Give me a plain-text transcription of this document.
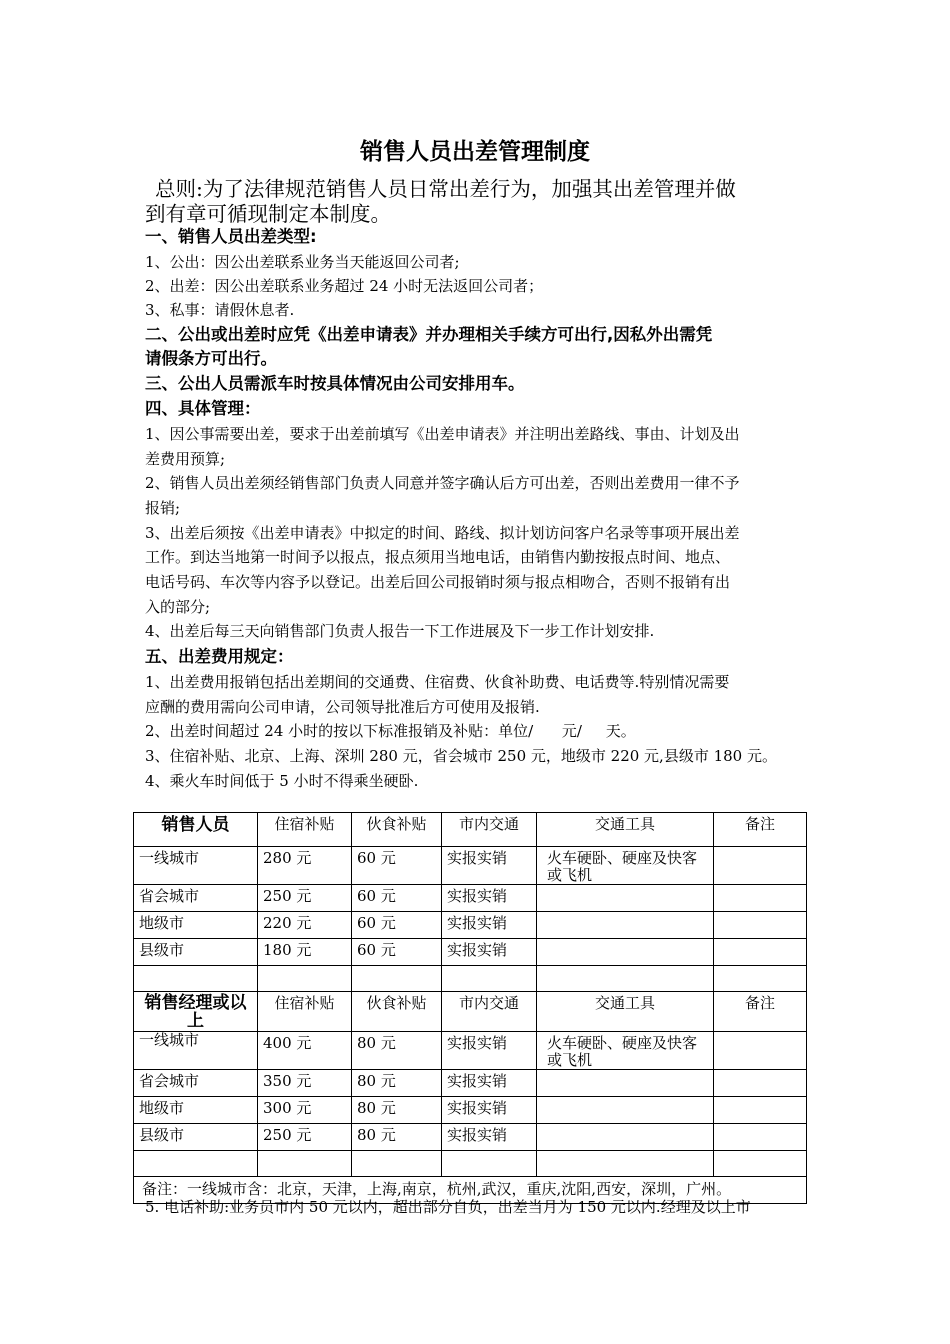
销售人员出差管理制度
总则:为了法律规范销售人员日常出差行为，加强其出差管理并做
到有章可循现制定本制度。
一、销售人员出差类型:
1、公出：因公出差联系业务当天能返回公司者;
2、出差：因公出差联系业务超过 24 小时无法返回公司者；
3、私事：请假休息者.
二、公出或出差时应凭《出差申请表》并办理相关手续方可出行,因私外出需凭
请假条方可出行。
三、公出人员需派车时按具体情况由公司安排用车。
四、具体管理：
1、因公事需要出差，要求于出差前填写《出差申请表》并注明出差路线、事由、计划及出
差费用预算;
2、销售人员出差须经销售部门负责人同意并签字确认后方可出差，否则出差费用一律不予
报销;
3、出差后须按《出差申请表》中拟定的时间、路线、拟计划访问客户名录等事项开展出差
工作。到达当地第一时间予以报点，报点须用当地电话，由销售内勤按报点时间、地点、
电话号码、车次等内容予以登记。出差后回公司报销时须与报点相吻合，否则不报销有出
入的部分;
4、出差后每三天向销售部门负责人报告一下工作进展及下一步工作计划安排.
五、出差费用规定：
1、出差费用报销包括出差期间的交通费、住宿费、伙食补助费、电话费等.特别情况需要
应酬的费用需向公司申请，公司领导批准后方可使用及报销.
2、出差时间超过 24 小时的按以下标准报销及补贴：单位/      元/     天。
3、住宿补贴、北京、上海、深圳 280 元，省会城市 250 元，地级市 220 元,县级市 180 元。
4、乘火车时间低于 5 小时不得乘坐硬卧.
销售人员	住宿补贴	伙食补贴	市内交通	交通工具	备注
一线城市	280 元	60 元	实报实销	火车硬卧、硬座及快客或飞机	
省会城市	250 元	60 元	实报实销		
地级市	220 元	60 元	实报实销		
县级市	180 元	60 元	实报实销		

销售经理或以上	住宿补贴	伙食补贴	市内交通	交通工具	备注
一线城市	400 元	80 元	实报实销	火车硬卧、硬座及快客或飞机	
省会城市	350 元	80 元	实报实销		
地级市	300 元	80 元	实报实销		
县级市	250 元	80 元	实报实销		

备注：一线城市含：北京，天津，上海,南京，杭州,武汉，重庆,沈阳,西安，深圳，广州。					
5. 电话补助:业务员市内 50 元以内，超出部分自负，出差当月为 150 元以内.经理及以上市
